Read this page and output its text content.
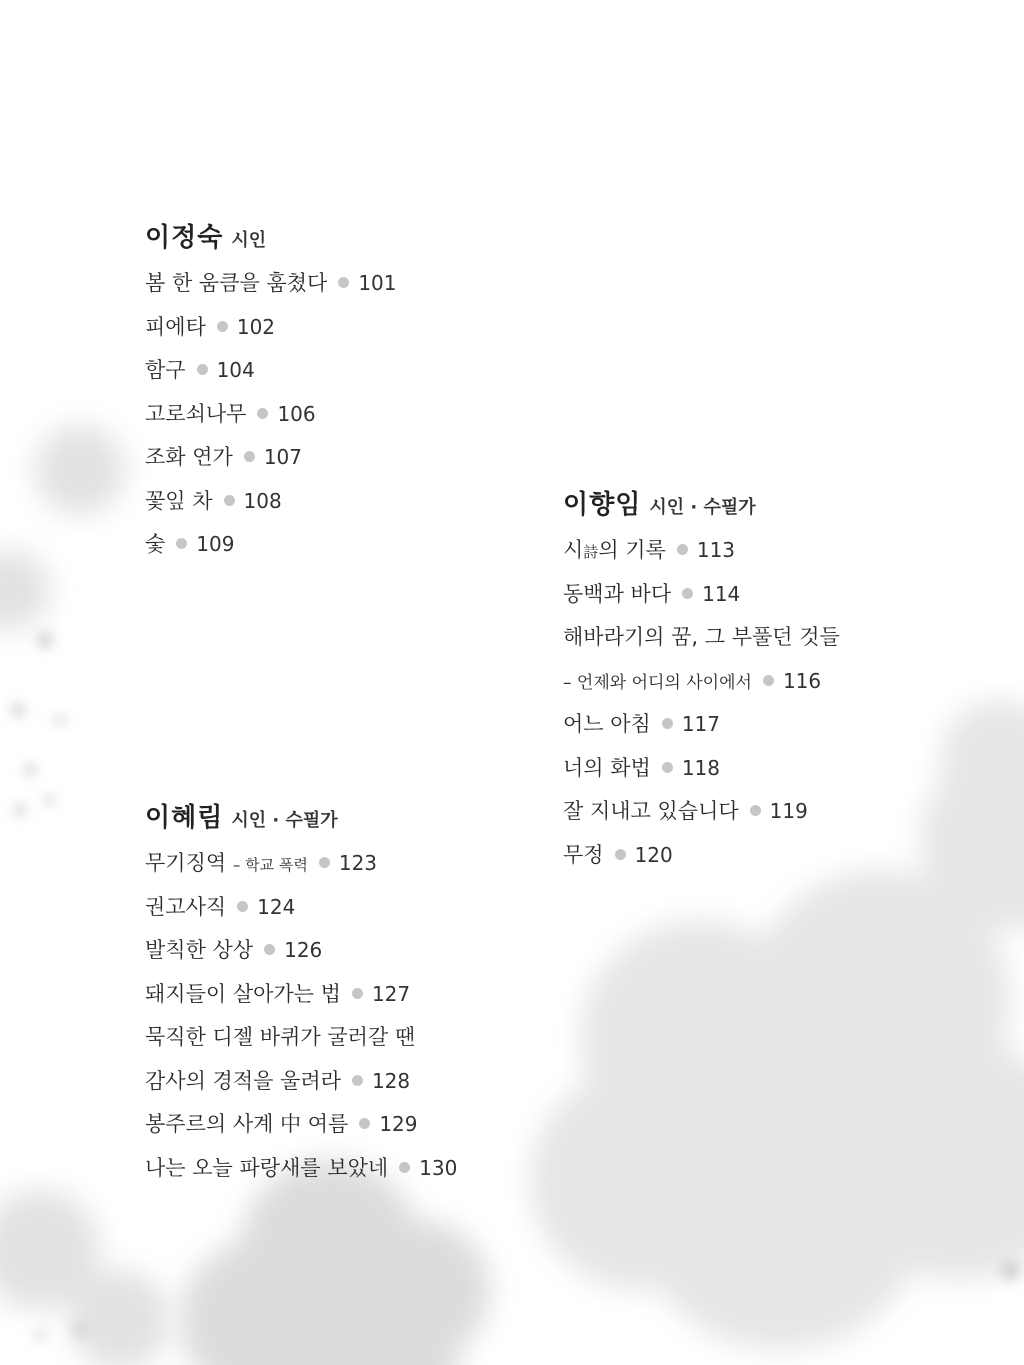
이정숙 시인
봄 한 움큼을 훔쳤다 101
피에타 102
함구 104
고로쇠나무 106
조화 연가 107
꽃잎 차 108
숯 109
이향임 시인 · 수필가
시詩의 기록 113
동백과 바다 114
해바라기의 꿈, 그 부풀던 것들
– 언제와 어디의 사이에서 116
어느 아침 117
너의 화법 118
잘 지내고 있습니다 119
무정 120
이혜림 시인 · 수필가
무기징역 – 학교 폭력 123
권고사직 124
발칙한 상상 126
돼지들이 살아가는 법 127
묵직한 디젤 바퀴가 굴러갈 땐
감사의 경적을 울려라 128
봉주르의 사계 中 여름 129
나는 오늘 파랑새를 보았네 130
